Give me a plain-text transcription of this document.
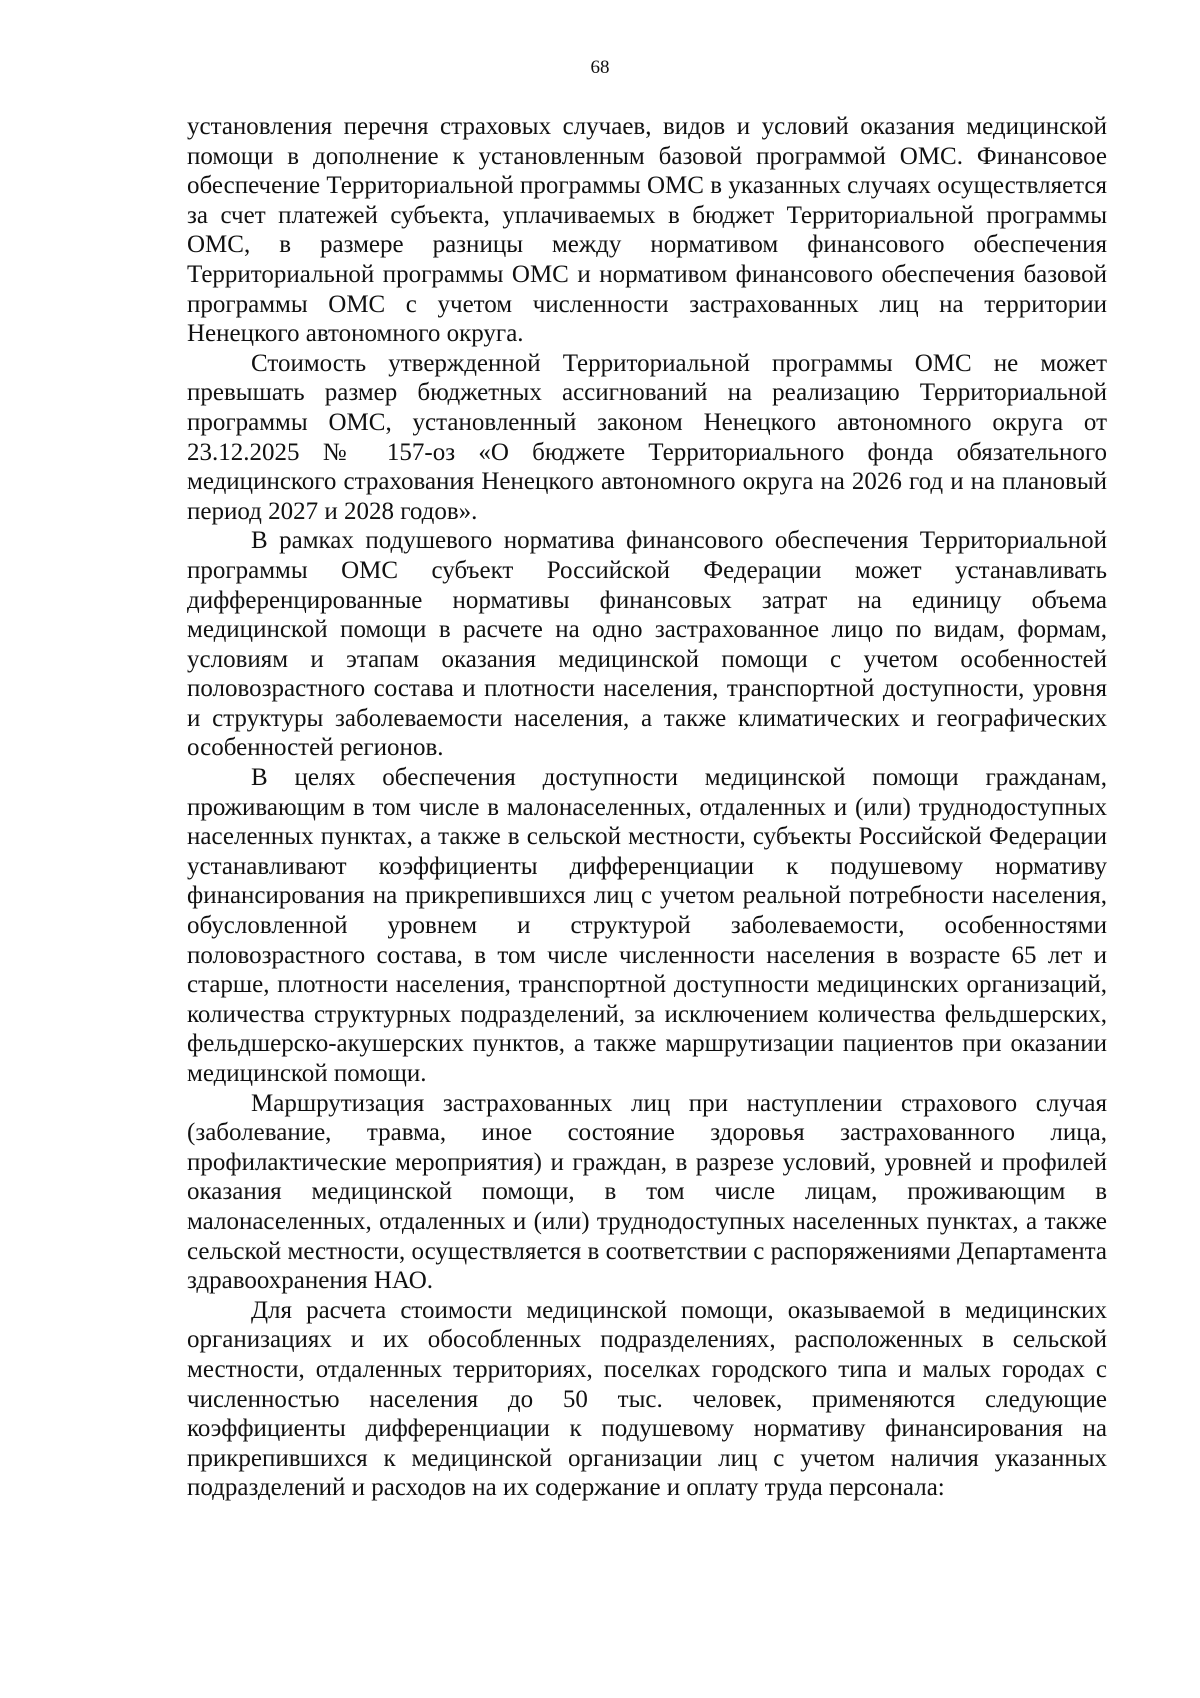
68

установления перечня страховых случаев, видов и условий оказания медицинской помощи в дополнение к установленным базовой программой ОМС. Финансовое обеспечение Территориальной программы ОМС в указанных случаях осуществляется за счет платежей субъекта, уплачиваемых в бюджет Территориальной программы ОМС, в размере разницы между нормативом финансового обеспечения Территориальной программы ОМС и нормативом финансового обеспечения базовой программы ОМС с учетом численности застрахованных лиц на территории Ненецкого автономного округа.

Стоимость утвержденной Территориальной программы ОМС не может превышать размер бюджетных ассигнований на реализацию Территориальной программы ОМС, установленный законом Ненецкого автономного округа от 23.12.2025 № 157-оз «О бюджете Территориального фонда обязательного медицинского страхования Ненецкого автономного округа на 2026 год и на плановый период 2027 и 2028 годов».

В рамках подушевого норматива финансового обеспечения Территориальной программы ОМС субъект Российской Федерации может устанавливать дифференцированные нормативы финансовых затрат на единицу объема медицинской помощи в расчете на одно застрахованное лицо по видам, формам, условиям и этапам оказания медицинской помощи с учетом особенностей половозрастного состава и плотности населения, транспортной доступности, уровня и структуры заболеваемости населения, а также климатических и географических особенностей регионов.

В целях обеспечения доступности медицинской помощи гражданам, проживающим в том числе в малонаселенных, отдаленных и (или) труднодоступных населенных пунктах, а также в сельской местности, субъекты Российской Федерации устанавливают коэффициенты дифференциации к подушевому нормативу финансирования на прикрепившихся лиц с учетом реальной потребности населения, обусловленной уровнем и структурой заболеваемости, особенностями половозрастного состава, в том числе численности населения в возрасте 65 лет и старше, плотности населения, транспортной доступности медицинских организаций, количества структурных подразделений, за исключением количества фельдшерских, фельдшерско-акушерских пунктов, а также маршрутизации пациентов при оказании медицинской помощи.

Маршрутизация застрахованных лиц при наступлении страхового случая (заболевание, травма, иное состояние здоровья застрахованного лица, профилактические мероприятия) и граждан, в разрезе условий, уровней и профилей оказания медицинской помощи, в том числе лицам, проживающим в малонаселенных, отдаленных и (или) труднодоступных населенных пунктах, а также сельской местности, осуществляется в соответствии с распоряжениями Департамента здравоохранения НАО.

Для расчета стоимости медицинской помощи, оказываемой в медицинских организациях и их обособленных подразделениях, расположенных в сельской местности, отдаленных территориях, поселках городского типа и малых городах с численностью населения до 50 тыс. человек, применяются следующие коэффициенты дифференциации к подушевому нормативу финансирования на прикрепившихся к медицинской организации лиц с учетом наличия указанных подразделений и расходов на их содержание и оплату труда персонала:
